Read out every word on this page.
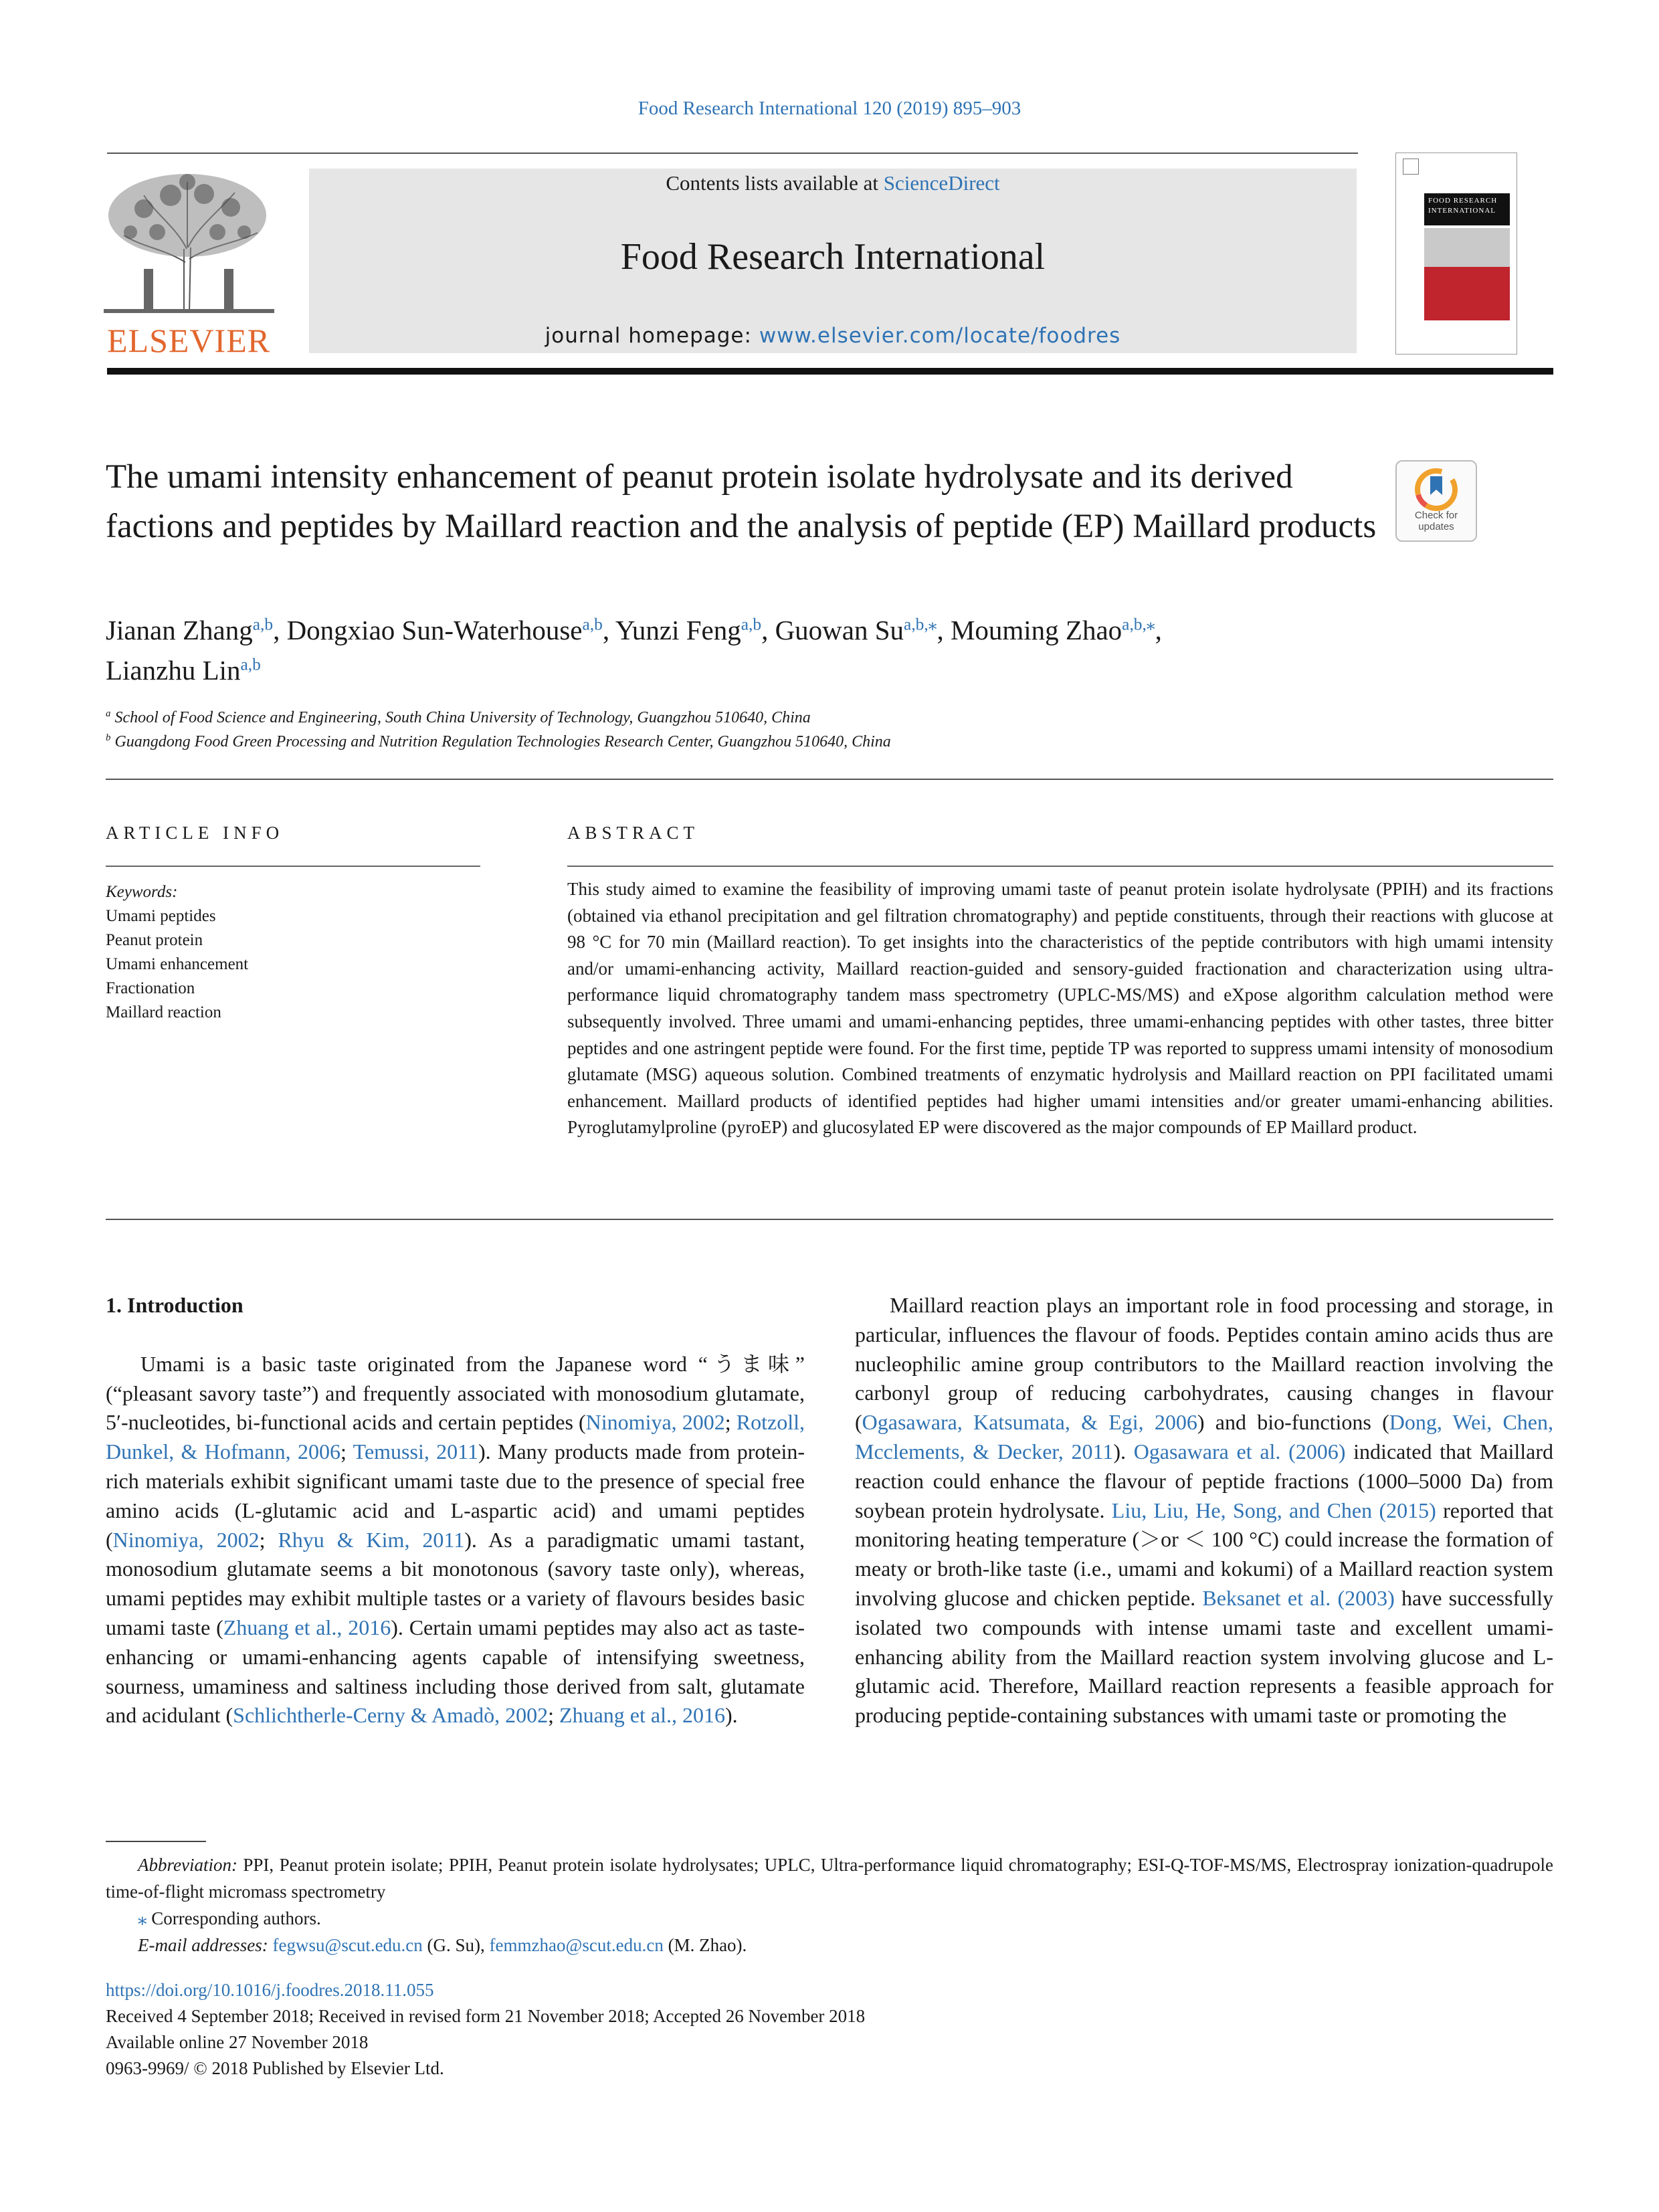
Food Research International 120 (2019) 895–903
ELSEVIER
Contents lists available at ScienceDirect
Food Research International
journal homepage: www.elsevier.com/locate/foodres
FOOD RESEARCH INTERNATIONAL
The umami intensity enhancement of peanut protein isolate hydrolysate and its derived factions and peptides by Maillard reaction and the analysis of peptide (EP) Maillard products	Check for updates
Jianan Zhang$^{a,b}$, Dongxiao Sun-Waterhouse$^{a,b}$, Yunzi Feng$^{a,b}$, Guowan $Su^{a,b,⁎}$, Mouming Zhao$^{a,b,⁎}$,
Lianzhu Lin$^{a,b}$
$^a$ School of Food Science and Engineering, South China University of Technology, Guangzhou 510640, China
$^b$ Guangdong Food Green Processing and Nutrition Regulation Technologies Research Center, Guangzhou 510640, China
ARTICLE INFO
Keywords:
Umami peptides
Peanut protein
Umami enhancement
Fractionation
Maillard reaction
ABSTRACT
This study aimed to examine the feasibility of improving umami taste of peanut protein isolate hydrolysate (PPIH) and its fractions (obtained via ethanol precipitation and gel filtration chromatography) and peptide constituents, through their reactions with glucose at 98 °C for 70 min (Maillard reaction). To get insights into the characteristics of the peptide contributors with high umami intensity and/or umami-enhancing activity, Maillard reaction-guided and sensory-guided fractionation and characterization using ultra-performance liquid chromatography tandem mass spectrometry (UPLC-MS/MS) and eXpose algorithm calculation method were subsequently involved. Three umami and umami-enhancing peptides, three umami-enhancing peptides with other tastes, three bitter peptides and one astringent peptide were found. For the first time, peptide TP was reported to suppress umami intensity of monosodium glutamate (MSG) aqueous solution. Combined treatments of enzymatic hydrolysis and Maillard reaction on PPI facilitated umami enhancement. Maillard products of identified peptides had higher umami intensities and/or greater umami-enhancing abilities. Pyroglutamylproline (pyroEP) and glucosylated EP were discovered as the major compounds of EP Maillard product.
1. Introduction

Umami is a basic taste originated from the Japanese word “うま味” (“pleasant savory taste”) and frequently associated with monosodium glutamate, 5′-nucleotides, bi-functional acids and certain peptides (Ninomiya, 2002; Rotzoll, Dunkel, & Hofmann, 2006; Temussi, 2011). Many products made from protein-rich materials exhibit significant umami taste due to the presence of special free amino acids (L-glutamic acid and L-aspartic acid) and umami peptides (Ninomiya, 2002; Rhyu & Kim, 2011). As a paradigmatic umami tastant, monosodium glutamate seems a bit monotonous (savory taste only), whereas, umami peptides may exhibit multiple tastes or a variety of flavours besides basic umami taste (Zhuang et al., 2016). Certain umami peptides may also act as taste-enhancing or umami-enhancing agents capable of intensifying sweetness, sourness, umaminess and saltiness including those derived from salt, glutamate and acidulant (Schlichtherle-Cerny & Amadò, 2002; Zhuang et al., 2016).

Maillard reaction plays an important role in food processing and storage, in particular, influences the flavour of foods. Peptides contain amino acids thus are nucleophilic amine group contributors to the Maillard reaction involving the carbonyl group of reducing carbohydrates, causing changes in flavour (Ogasawara, Katsumata, & Egi, 2006) and bio-functions (Dong, Wei, Chen, Mcclements, & Decker, 2011). Ogasawara et al. (2006) indicated that Maillard reaction could enhance the flavour of peptide fractions (1000–5000 Da) from soybean protein hydrolysate. Liu, Liu, He, Song, and Chen (2015) reported that monitoring heating temperature (＞or ＜ 100 °C) could increase the formation of meaty or broth-like taste (i.e., umami and kokumi) of a Maillard reaction system involving glucose and chicken peptide. Beksanet et al. (2003) have successfully isolated two compounds with intense umami taste and excellent umami-enhancing ability from the Maillard reaction system involving glucose and L-glutamic acid. Therefore, Maillard reaction represents a feasible approach for producing peptide-containing substances with umami taste or promoting the

Abbreviation: PPI, Peanut protein isolate; PPIH, Peanut protein isolate hydrolysates; UPLC, Ultra-performance liquid chromatography; ESI-Q-TOF-MS/MS, Electrospray ionization-quadrupole time-of-flight micromass spectrometry
⁎ Corresponding authors.
E-mail addresses: fegwsu@scut.edu.cn (G. Su), femmzhao@scut.edu.cn (M. Zhao).
https://doi.org/10.1016/j.foodres.2018.11.055
Received 4 September 2018; Received in revised form 21 November 2018; Accepted 26 November 2018
Available online 27 November 2018
0963-9969/ © 2018 Published by Elsevier Ltd.
